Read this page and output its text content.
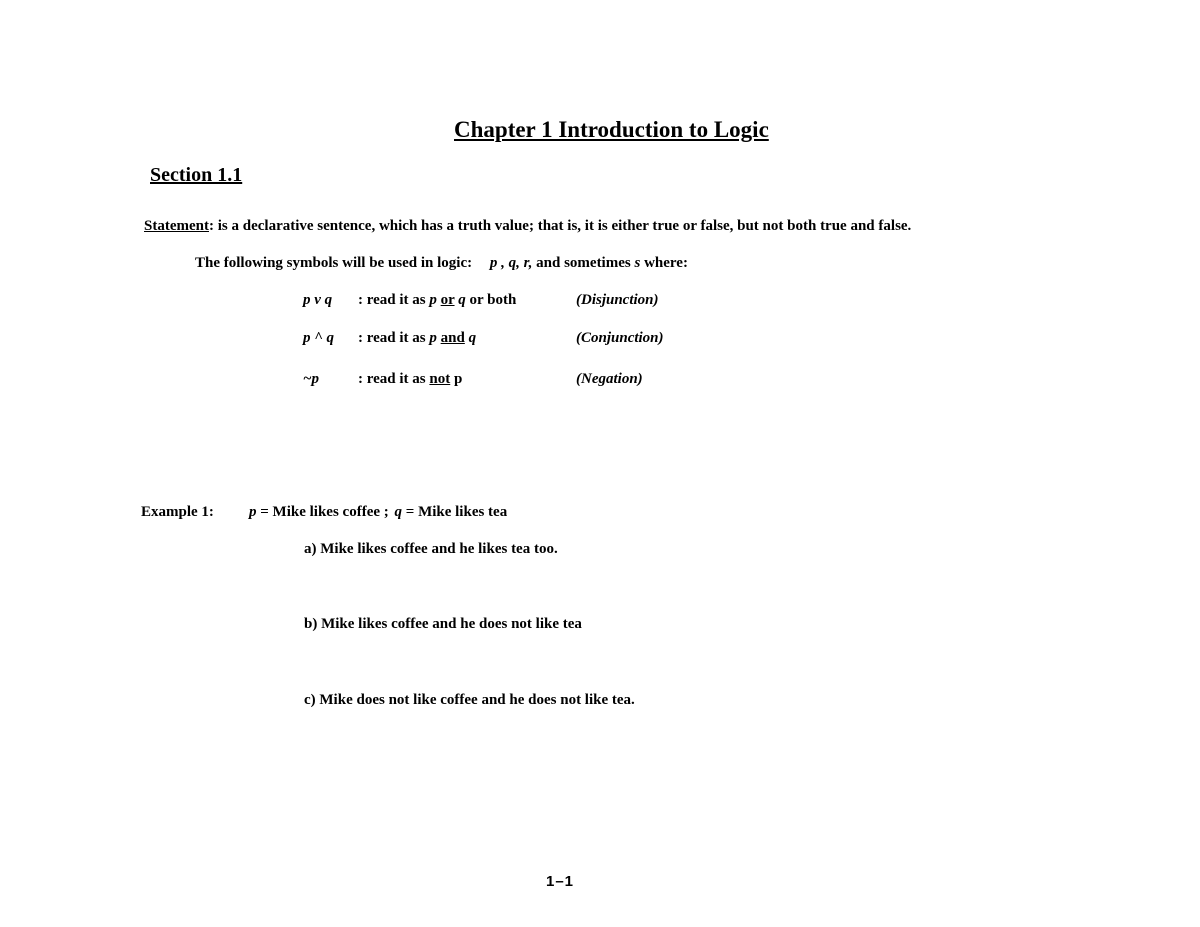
Chapter 1 Introduction to Logic
Section 1.1
Statement: is a declarative sentence, which has a truth value; that is, it is either true or false, but not both true and false.
The following symbols will be used in logic: p , q, r, and sometimes s where:
p v q : read it as p or q or both	(Disjunction)
p ^ q : read it as p and q	(Conjunction)
~p	: read it as not p	(Negation)
Example 1: p = Mike likes coffee ; q = Mike likes tea
a) Mike likes coffee and he likes tea too.
b) Mike likes coffee and he does not like tea
c) Mike does not like coffee and he does not like tea.
1–1
